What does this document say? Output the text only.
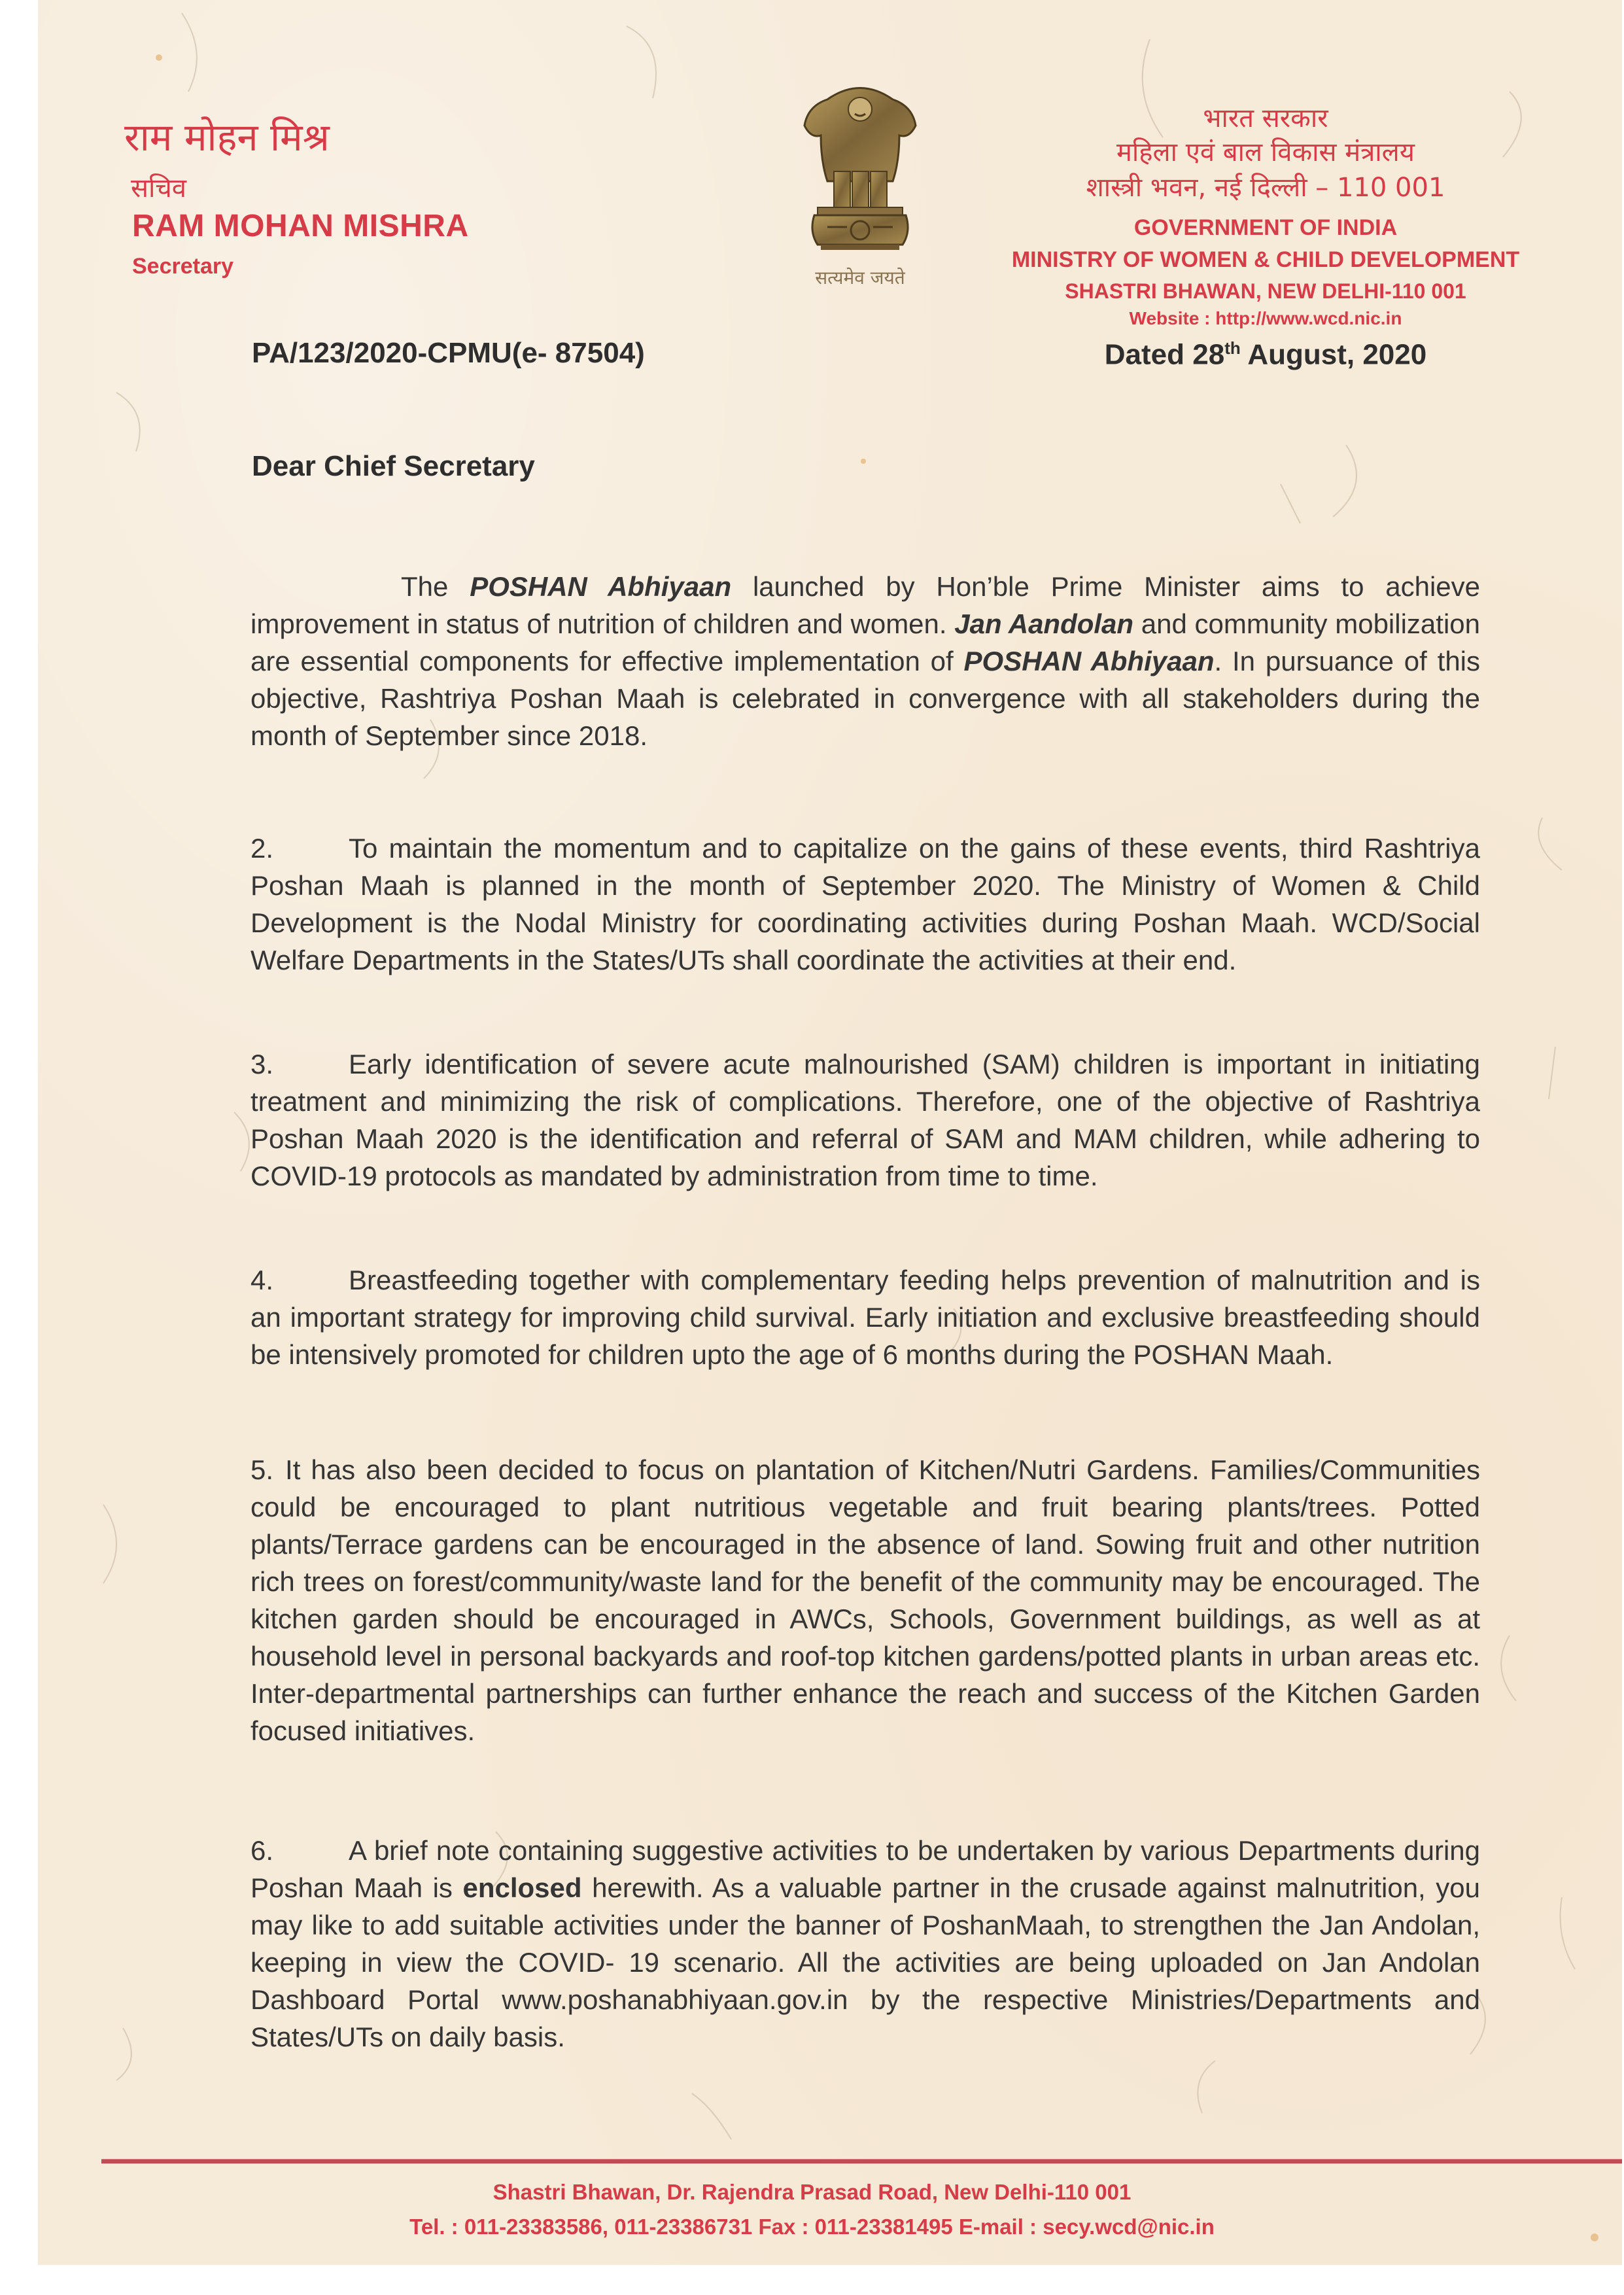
राम मोहन मिश्र
सचिव
RAM MOHAN MISHRA
Secretary	सत्यमेव जयते
भारत सरकार
महिला एवं बाल विकास मंत्रालय
शास्त्री भवन, नई दिल्ली – 110 001
GOVERNMENT OF INDIA
MINISTRY OF WOMEN & CHILD DEVELOPMENT
SHASTRI BHAWAN, NEW DELHI-110 001
Website : http://www.wcd.nic.in
Dated 28th August, 2020
PA/123/2020-CPMU(e- 87504)
Dear Chief Secretary
The POSHAN Abhiyaan launched by Hon’ble Prime Minister aims to achieve improvement in status of nutrition of children and women. Jan Aandolan and community mobilization are essential components for effective implementation of POSHAN Abhiyaan. In pursuance of this objective, Rashtriya Poshan Maah is celebrated in convergence with all stakeholders during the month of September since 2018.
2.	To maintain the momentum and to capitalize on the gains of these events, third Rashtriya Poshan Maah is planned in the month of September 2020. The Ministry of Women & Child Development is the Nodal Ministry for coordinating activities during Poshan Maah. WCD/Social Welfare Departments in the States/UTs shall coordinate the activities at their end.
3.	Early identification of severe acute malnourished (SAM) children is important in initiating treatment and minimizing the risk of complications. Therefore, one of the objective of Rashtriya Poshan Maah 2020 is the identification and referral of SAM and MAM children, while adhering to COVID-19 protocols as mandated by administration from time to time.
4.	Breastfeeding together with complementary feeding helps prevention of malnutrition and is an important strategy for improving child survival. Early initiation and exclusive breastfeeding should be intensively promoted for children upto the age of 6 months during the POSHAN Maah.
5. It has also been decided to focus on plantation of Kitchen/Nutri Gardens. Families/Communities could be encouraged to plant nutritious vegetable and fruit bearing plants/trees. Potted plants/Terrace gardens can be encouraged in the absence of land. Sowing fruit and other nutrition rich trees on forest/community/waste land for the benefit of the community may be encouraged. The kitchen garden should be encouraged in AWCs, Schools, Government buildings, as well as at household level in personal backyards and roof-top kitchen gardens/potted plants in urban areas etc. Inter-departmental partnerships can further enhance the reach and success of the Kitchen Garden focused initiatives.
6.	A brief note containing suggestive activities to be undertaken by various Departments during Poshan Maah is enclosed herewith. As a valuable partner in the crusade against malnutrition, you may like to add suitable activities under the banner of PoshanMaah, to strengthen the Jan Andolan, keeping in view the COVID- 19 scenario. All the activities are being uploaded on Jan Andolan Dashboard Portal www.poshanabhiyaan.gov.in by the respective Ministries/Departments and States/UTs on daily basis.
Shastri Bhawan, Dr. Rajendra Prasad Road, New Delhi-110 001
Tel. : 011-23383586, 011-23386731 Fax : 011-23381495 E-mail : secy.wcd@nic.in
